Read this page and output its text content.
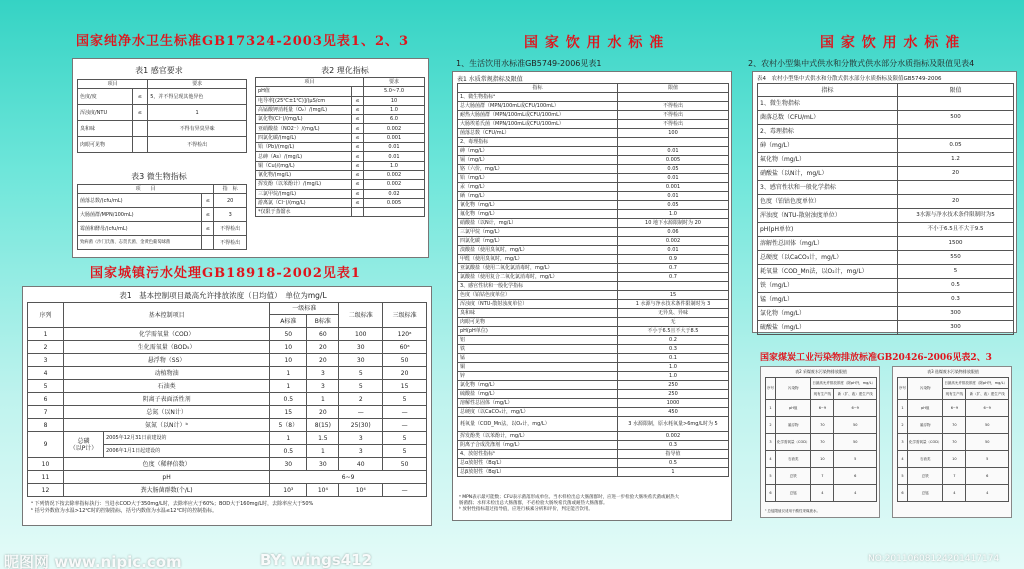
国家纯净水卫生标准GB17324-2003见表1、2、3
表1 感官要求
项目		要求
色度/度	≤	5，并不得呈现其他异色
浑浊度/NTU	≤	1
臭和味		不得有异臭异味
肉眼可见物		不得检出
表3 微生物指标
项　　目		指　标
菌落总数/(cfu/mL)	≤	20
大肠菌群/MPN/100mL)	≤	3
霉菌和酵母/(cfu/mL)	≤	不得检出
致病菌（沙门氏菌、志贺氏菌、金黄色葡萄球菌		不得检出
表2 理化指标
项目		要求
pH值		5.0~7.0
电导率[(25℃±1℃)]/(μS/cm	≤	10
高锰酸钾消耗量（O₂）/(mg/L)	≤	1.0
氯化物(Cl⁻)/(mg/L)	≤	6.0
亚硝酸盐（NO2⁻）/(mg/L)	≤	0.002
四氯化碳/(mg/L)	≤	0.001
铅（Pb)/(mg/L)	≤	0.01
总砷（As）/(mg/L)	≤	0.01
铜（Cu)/(mg/L)	≤	1.0
氰化物/(mg/L)	≤	0.002
挥发酚（以苯酚计）/(mg/L)	≤	0.002
三氯甲烷/(mg/L)	≤	0.02
游离氯（Cl⁻)/(mg/L)	≤	0.005
*仅限于蒸馏水		
国家城镇污水处理GB18918-2002见表1
表1　基本控制项目最高允许排放浓度（日均值）　单位为mg/L
序列	基本控制项目		一级标准		二级标准	三级标准
			A标准	B标准		
1	化学需氧量（COD）		50	60	100	120ᵃ
2	生化需氧量（BOD₅）		10	20	30	60ᵃ
3	悬浮物（SS）		10	20	30	50
4	动植物油		1	3	5	20
5	石油类		1	3	5	15
6	阴离子表面活性剂		0.5	1	2	5
7	总氮（以N计）		15	20	—	—
8	氨氮（以N计）ᵇ		5（8）	8(15)	25(30)	—
9	总磷
（以P计）	2005年12月31日前建设的	1	1.5	3	5
		2006年1月1日起建设的	0.5	1	3	5
10	色度（稀释倍数）		30	30	40	50
11	pH		6~9			
12	粪大肠菌群数(个/L)		10³	10⁴	10⁴	—
ᵃ 下列情况下按去除率指标执行：当进水COD大于350mg/L时，去除率应大于60%；BOD大于160mg/L时，去除率应大于50%
ᵇ 括号外数值为水温>12℃时的控制指标，括号内数值为水温≤12℃时的控制指标。
国 家 饮 用 水 标 准
1、生活饮用水标准GB5749-2006见表1
表1 水质常规指标及限值
指标	限值
1、微生物指标ᵃ	
总大肠菌群（MPN/100mL或CFU/100mL）	不得检出
耐热大肠菌群（MPN/100mL或CFU/100mL）	不得检出
大肠埃希氏菌（MPN/100mL或CFU/100mL）	不得检出
菌落总数（CFU/mL）	100
2、毒理指标	
砷（mg/L）	0.01
镉（mg/L）	0.005
铬（六价，mg/L）	0.05
铅（mg/L）	0.01
汞（mg/L）	0.001
硒（mg/L）	0.01
氰化物（mg/L）	0.05
氟化物（mg/L）	1.0
硝酸盐（以N计，mg/L）	10 地下水源限制时为 20
三氯甲烷（mg/L）	0.06
四氯化碳（mg/L）	0.002
溴酸盐（使用臭氧时，mg/L）	0.01
甲醛（使用臭氧时，mg/L）	0.9
亚氯酸盐（使用二氧化氯消毒时，mg/L）	0.7
氯酸盐（使用复合二氧化氯消毒时，mg/L）	0.7
3、感官性状和一般化学指标	
色度（铂钴色度单位）	15
浑浊度（NTU-散射浊度单位）	1 水源与净水技术条件限制时为 3
臭和味	无异臭、异味
肉眼可见物	无
pH(pH单位)	不小于6.5且不大于8.5
铝	0.2
铁	0.3
锰	0.1
铜	1.0
锌	1.0
氯化物（mg/L）	250
硫酸盐（mg/L）	250
溶解性总固体（mg/L）	1000
总硬度（以CaCO₃计，mg/L）	450
耗氧量（COD_Mn法，以O₂计，mg/L）	3 水源限制，原水耗氧量>6mg/L时为 5
挥发酚类（以苯酚计，mg/L）	0.002
阴离子合成洗涤剂（mg/L）	0.3
4、放射性指标ᵇ	指导值
总α放射性（Bq/L）	0.5
总β放射性（Bq/L）	1
ᵃ MPN表示最可能数；CFU表示菌落形成单位。当水样检出总大肠菌群时，应进一步检验大肠埃希氏菌或耐热大
肠菌群；水样未检出总大肠菌群，不必检验大肠埃希氏菌或耐热大肠菌群。
ᵇ 放射性指标超过指导值，应进行核素分析和评价，判定能否饮用。
国 家 饮 用 水 标 准
2、农村小型集中式供水和分散式供水部分水质指标及限值见表4
表4　农村小型集中式供水和分散式供水部分水质指标及限值GB5749-2006
指标	限值
1、微生物指标	
菌落总数（CFU/mL）	500
2、毒理指标	
砷（mg/L）	0.05
氟化物（mg/L）	1.2
硝酸盐（以N计，mg/L）	20
3、感官性状和一般化学指标	
色度（铂钴色度单位）	20
浑浊度（NTU-散射浊度单位）	3水源与净水技术条件限制时为5
pH(pH单位)	不小于6.5且不大于9.5
溶解性总固体（mg/L）	1500
总硬度（以CaCO₃计，mg/L）	550
耗氧量（COD_Mn法，以O₂计，mg/L）	5
铁（mg/L）	0.5
锰（mg/L）	0.3
氯化物（mg/L）	300
硫酸盐（mg/L）	300
国家煤炭工业污染物排放标准GB20426-2006见表2、3
表2 采煤废水污染物排放限值
序号	污染物	日最高允许排放浓度（除pH外，mg/L）	
		现有生产线	新（扩、改）建生产线
1	pH值	6~9	6~9
2	悬浮物	70	50
3	化学需氧量（COD）	70	50
4	石油类	10	5
5	总铁	7	6
6	总锰	4	4
ᵃ 总锰限值仅适用于酸性采煤废水。
表3 选煤废水污染物排放限值
序号	污染物	日最高允许排放浓度（除pH外，mg/L）	
		现有生产线	新（扩、改）建生产线
1	pH值	6~9	6~9
2	悬浮物	70	50
3	化学需氧量（COD）	70	50
4	石油类	10	5
5	总铁	7	6
6	总锰	4	4
昵图网 www.nipic.com	BY: wings412	NO:20110608124201417174
